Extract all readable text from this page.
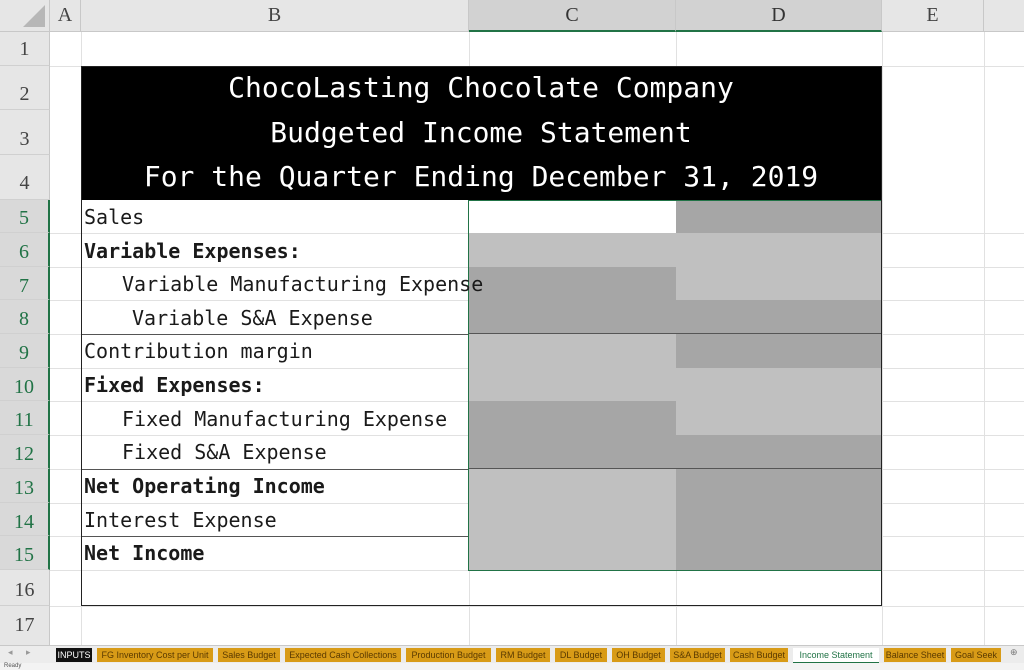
A	B	C	D	E
1
2
3
4
5
6
7
8
9
10
11
12
13
14
15
16
17
ChocoLasting Chocolate Company
Budgeted Income Statement
For the Quarter Ending December 31, 2019
Sales
Variable Expenses:
Variable Manufacturing Expense
Variable S&A Expense
Contribution margin
Fixed Expenses:
Fixed Manufacturing Expense
Fixed S&A Expense
Net Operating Income
Interest Expense
Net Income
◂ ▸	INPUTS	FG Inventory Cost per Unit	Sales Budget	Expected Cash Collections	Production Budget	RM Budget	DL Budget	OH Budget	S&A Budget	Cash Budget	Income Statement	Balance Sheet	Goal Seek	⊕
Ready
